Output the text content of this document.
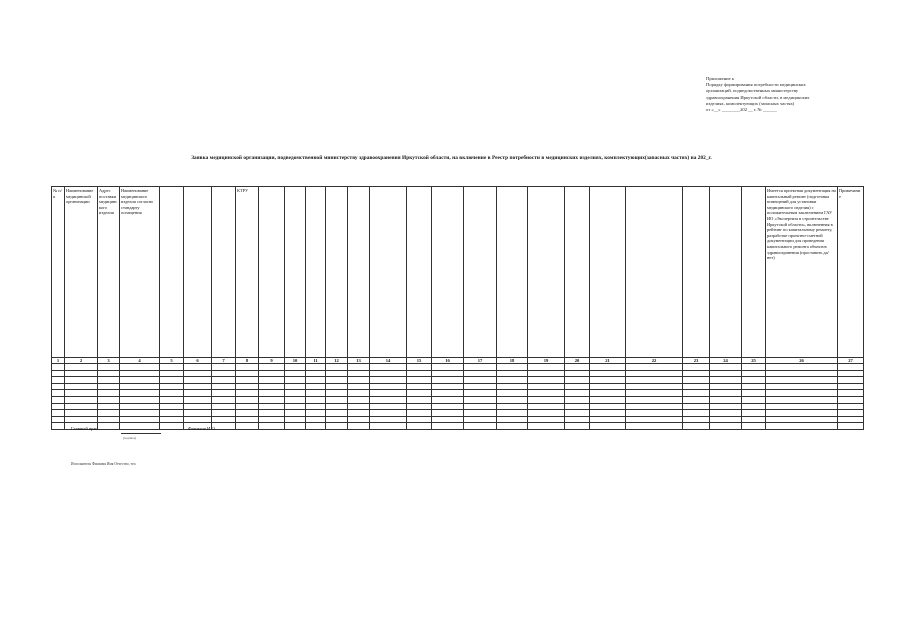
Приложение к
Порядку формирования потребности медицинских
организаций, подведомственных министерству
здравоохранения Иркутской области, в медицинских
изделиях, комплектующих (запасных частях)
от «__» ________202 __ г. № ______
Заявка медицинской организации, подведомственной министерству здравоохранения Иркутской области, на включение в Реестр потребности в медицинских изделиях, комплектующих(запасных частях) на 202_г.
№ п/п	Наименование медицинской организации	Адрес поставки медицинского изделия	Наименование медицинского изделия согласно стандарту оснащения				КТРУ																		Имеется проектная документация на капитальный ремонт (подготовка помещений для установки медицинского изделия) с положительным заключением ГАУ ИО «Экспертиза в строительстве Иркутской области», включенная в рейтинг по капитальному ремонту, разработке проектно-сметной документации для проведения капитального ремонта объектов здравоохранения (проставить да/нет)	Примечание
1	2	3	4	5	6	7	8	9	10	11	12	13	14	15	16	17	18	19	20	21	22	23	24	25	26	27

Главный врач
(подпись)
Фамилия И.О.
Исполнитель Фамилия Имя Отчество, тел.
